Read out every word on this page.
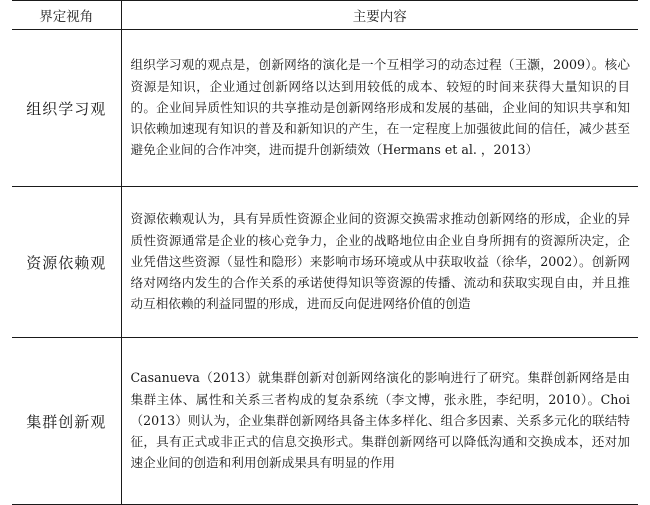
界定视角	主要内容
组织学习观	组织学习观的观点是，创新网络的演化是一个互相学习的动态过程（王灏，2009）。核心资源是知识，企业通过创新网络以达到用较低的成本、较短的时间来获得大量知识的目的。企业间异质性知识的共享推动是创新网络形成和发展的基础，企业间的知识共享和知识依赖加速现有知识的普及和新知识的产生，在一定程度上加强彼此间的信任，减少甚至避免企业间的合作冲突，进而提升创新绩效（Hermans et al. ，2013）
资源依赖观	资源依赖观认为，具有异质性资源企业间的资源交换需求推动创新网络的形成，企业的异质性资源通常是企业的核心竞争力，企业的战略地位由企业自身所拥有的资源所决定，企业凭借这些资源（显性和隐形）来影响市场环境或从中获取收益（徐华，2002）。创新网络对网络内发生的合作关系的承诺使得知识等资源的传播、流动和获取实现自由，并且推动互相依赖的利益同盟的形成，进而反向促进网络价值的创造
集群创新观	Casanueva（2013）就集群创新对创新网络演化的影响进行了研究。集群创新网络是由集群主体、属性和关系三者构成的复杂系统（李文博，张永胜，李纪明，2010）。Choi（2013）则认为，企业集群创新网络具备主体多样化、组合多因素、关系多元化的联结特征，具有正式或非正式的信息交换形式。集群创新网络可以降低沟通和交换成本，还对加速企业间的创造和利用创新成果具有明显的作用
